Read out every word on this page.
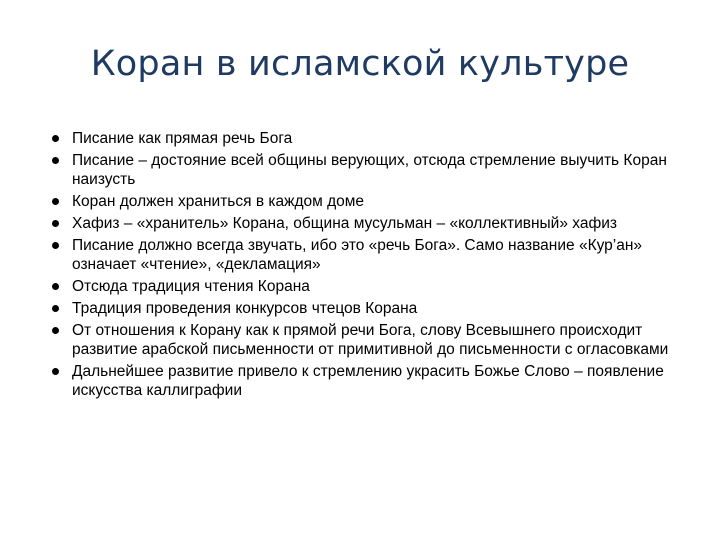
Коран в исламской культуре
Писание как прямая речь Бога
Писание – достояние всей общины верующих, отсюда стремление выучить Коран наизусть
Коран должен храниться в каждом доме
Хафиз – «хранитель» Корана, община мусульман – «коллективный» хафиз
Писание должно всегда звучать, ибо это «речь Бога». Само название «Кур’ан» означает «чтение», «декламация»
Отсюда традиция чтения Корана
Традиция проведения конкурсов чтецов Корана
От отношения к Корану как к прямой речи Бога, слову Всевышнего происходит развитие арабской письменности от примитивной до письменности с огласовками
Дальнейшее развитие привело к стремлению украсить Божье Слово – появление искусства каллиграфии
